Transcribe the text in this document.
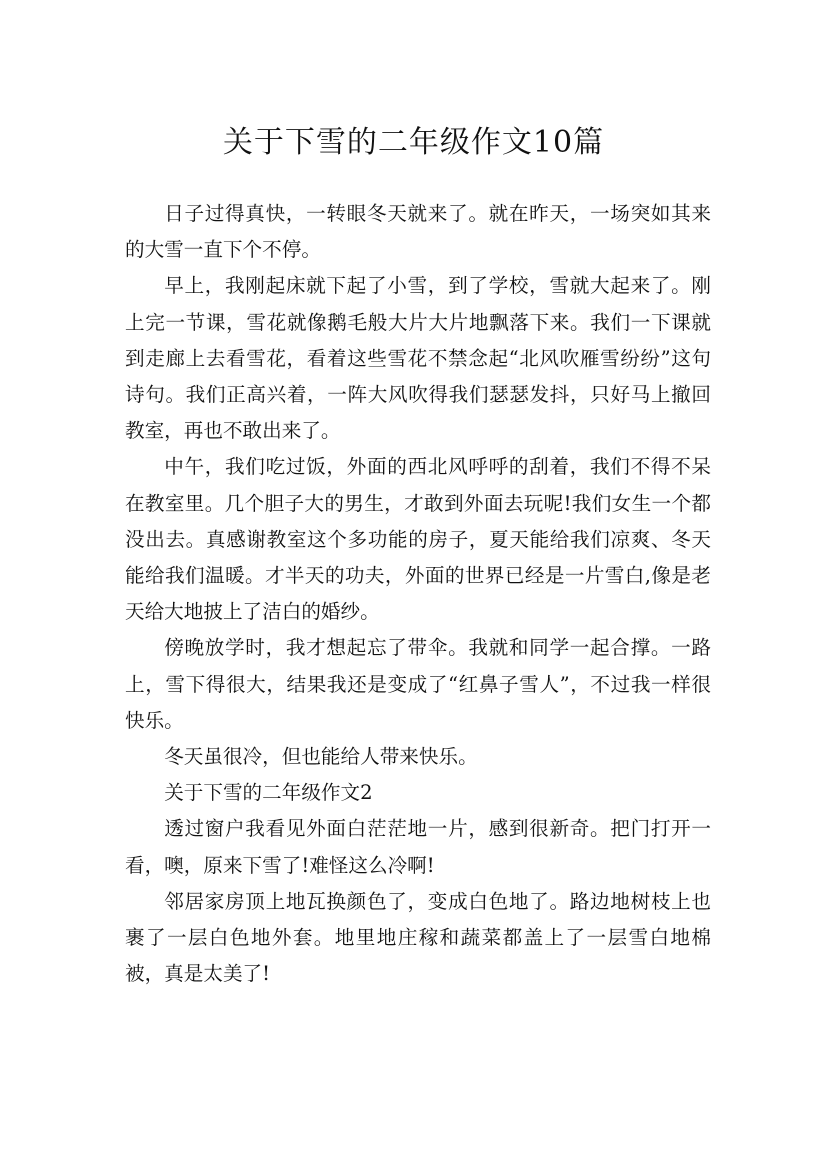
关于下雪的二年级作文10篇

日子过得真快，一转眼冬天就来了。就在昨天，一场突如其来的大雪一直下个不停。

早上，我刚起床就下起了小雪，到了学校，雪就大起来了。刚上完一节课，雪花就像鹅毛般大片大片地飘落下来。我们一下课就到走廊上去看雪花，看着这些雪花不禁念起“北风吹雁雪纷纷”这句诗句。我们正高兴着，一阵大风吹得我们瑟瑟发抖，只好马上撤回教室，再也不敢出来了。

中午，我们吃过饭，外面的西北风呼呼的刮着，我们不得不呆在教室里。几个胆子大的男生，才敢到外面去玩呢!我们女生一个都没出去。真感谢教室这个多功能的房子，夏天能给我们凉爽、冬天能给我们温暖。才半天的功夫，外面的世界已经是一片雪白,像是老天给大地披上了洁白的婚纱。

傍晚放学时，我才想起忘了带伞。我就和同学一起合撑。一路上，雪下得很大，结果我还是变成了“红鼻子雪人”，不过我一样很快乐。

冬天虽很冷，但也能给人带来快乐。

关于下雪的二年级作文2

透过窗户我看见外面白茫茫地一片，感到很新奇。把门打开一看，噢，原来下雪了!难怪这么冷啊!

邻居家房顶上地瓦换颜色了，变成白色地了。路边地树枝上也裹了一层白色地外套。地里地庄稼和蔬菜都盖上了一层雪白地棉被，真是太美了!
